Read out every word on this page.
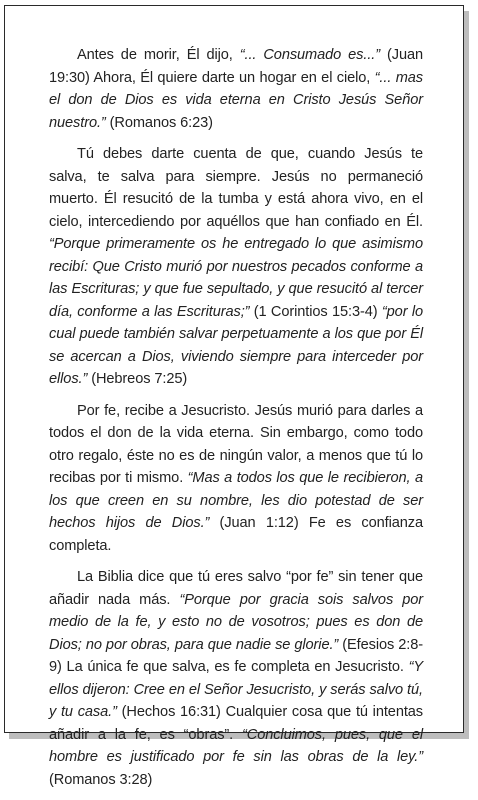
Antes de morir, Él dijo, “... Consumado es...” (Juan 19:30) Ahora, Él quiere darte un hogar en el cielo, “... mas el don de Dios es vida eterna en Cristo Jesús Señor nuestro.” (Romanos 6:23)

Tú debes darte cuenta de que, cuando Jesús te salva, te salva para siempre. Jesús no permaneció muerto. Él resucitó de la tumba y está ahora vivo, en el cielo, intercediendo por aquéllos que han confiado en Él. “Porque primeramente os he entregado lo que asimismo recibí: Que Cristo murió por nuestros pecados conforme a las Escrituras; y que fue sepultado, y que resucitó al tercer día, conforme a las Escrituras;” (1 Corintios 15:3-4) “por lo cual puede también salvar perpetuamente a los que por Él se acercan a Dios, viviendo siempre para interceder por ellos.” (Hebreos 7:25)

Por fe, recibe a Jesucristo. Jesús murió para darles a todos el don de la vida eterna. Sin embargo, como todo otro regalo, éste no es de ningún valor, a menos que tú lo recibas por ti mismo. “Mas a todos los que le recibieron, a los que creen en su nombre, les dio potestad de ser hechos hijos de Dios.” (Juan 1:12) Fe es confianza completa.

La Biblia dice que tú eres salvo “por fe” sin tener que añadir nada más. “Porque por gracia sois salvos por medio de la fe, y esto no de vosotros; pues es don de Dios; no por obras, para que nadie se glorie.” (Efesios 2:8-9) La única fe que salva, es fe completa en Jesucristo. “Y ellos dijeron: Cree en el Señor Jesucristo, y serás salvo tú, y tu casa.” (Hechos 16:31) Cualquier cosa que tú intentas añadir a la fe, es “obras”. “Concluimos, pues, que el hombre es justificado por fe sin las obras de la ley.” (Romanos 3:28)
